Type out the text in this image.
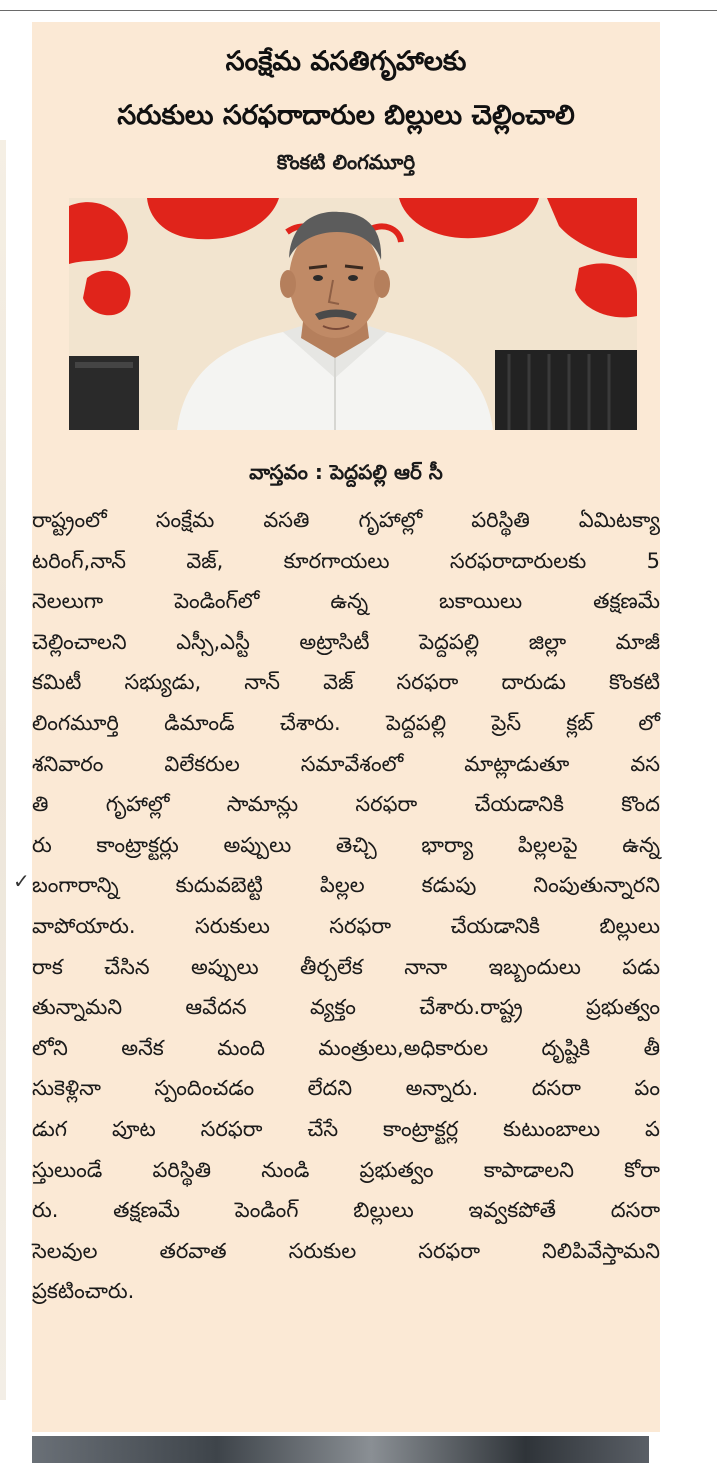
సంక్షేమ వసతిగృహాలకు
సరుకులు సరఫరాదారుల బిల్లులు చెల్లించాలి
కొంకటి లింగమూర్తి
వాస్తవం : పెద్దపల్లి ఆర్ సీ
రాష్ట్రంలో సంక్షేమ వసతి గృహాల్లో పరిస్థితి ఏమిటక్యా
టరింగ్,నాన్ వెజ్, కూరగాయలు సరఫరాదారులకు 5
నెలలుగా పెండింగ్‌లో ఉన్న బకాయిలు తక్షణమే
చెల్లించాలని ఎస్సీ,ఎస్టీ అట్రాసిటీ పెద్దపల్లి జిల్లా మాజీ
కమిటీ సభ్యుడు, నాన్ వెజ్ సరఫరా దారుడు కొంకటి
లింగమూర్తి డిమాండ్ చేశారు. పెద్దపల్లి ప్రెస్ క్లబ్ లో
శనివారం విలేకరుల సమావేశంలో మాట్లాడుతూ వస
తి గృహాల్లో సామాన్లు సరఫరా చేయడానికి కొంద
రు కాంట్రాక్టర్లు అప్పులు తెచ్చి భార్యా పిల్లలపై ఉన్న
బంగారాన్ని కుదువబెట్టి పిల్లల కడుపు నింపుతున్నారని
వాపోయారు. సరుకులు సరఫరా చేయడానికి బిల్లులు
రాక చేసిన అప్పులు తీర్చలేక నానా ఇబ్బందులు పడు
తున్నామని ఆవేదన వ్యక్తం చేశారు.రాష్ట్ర ప్రభుత్వం
లోని అనేక మంది మంత్రులు,అధికారుల దృష్టికి తీ
సుకెళ్లినా స్పందించడం లేదని అన్నారు. దసరా పం
డుగ పూట సరఫరా చేసే కాంట్రాక్టర్ల కుటుంబాలు ప
స్తులుండే పరిస్థితి నుండి ప్రభుత్వం కాపాడాలని కోరా
రు. తక్షణమే పెండింగ్ బిల్లులు ఇవ్వకపోతే దసరా
సెలవుల తరవాత సరుకుల సరఫరా నిలిపివేస్తామని
ప్రకటించారు.
✓
